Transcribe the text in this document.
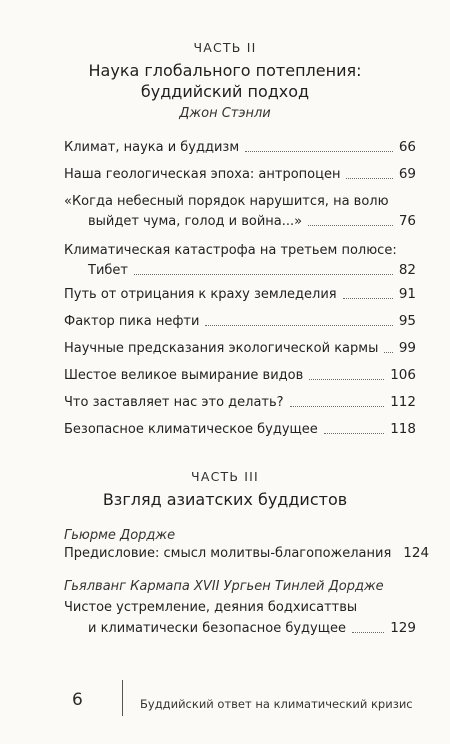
ЧАСТЬ II
Наука глобального потепления:
буддийский подход
Джон Стэнли
Климат, наука и буддизм	66
Наша геологическая эпоха: антропоцен	69
«Когда небесный порядок нарушится, на волю
выйдет чума, голод и война...»	76
Климатическая катастрофа на третьем полюсе:
Тибет	82
Путь от отрицания к краху земледелия	91
Фактор пика нефти	95
Научные предсказания экологической кармы 99
Шестое великое вымирание видов	106
Что заставляет нас это делать?	112
Безопасное климатическое будущее	118
ЧАСТЬ III
Взгляд азиатских буддистов
Гьюрме Дордже
Предисловие: смысл молитвы-благопожелания 124
Гьялванг Кармапа XVII Ургьен Тинлей Дордже
Чистое устремление, деяния бодхисаттвы
и климатически безопасное будущее	129
6	Буддийский ответ на климатический кризис
